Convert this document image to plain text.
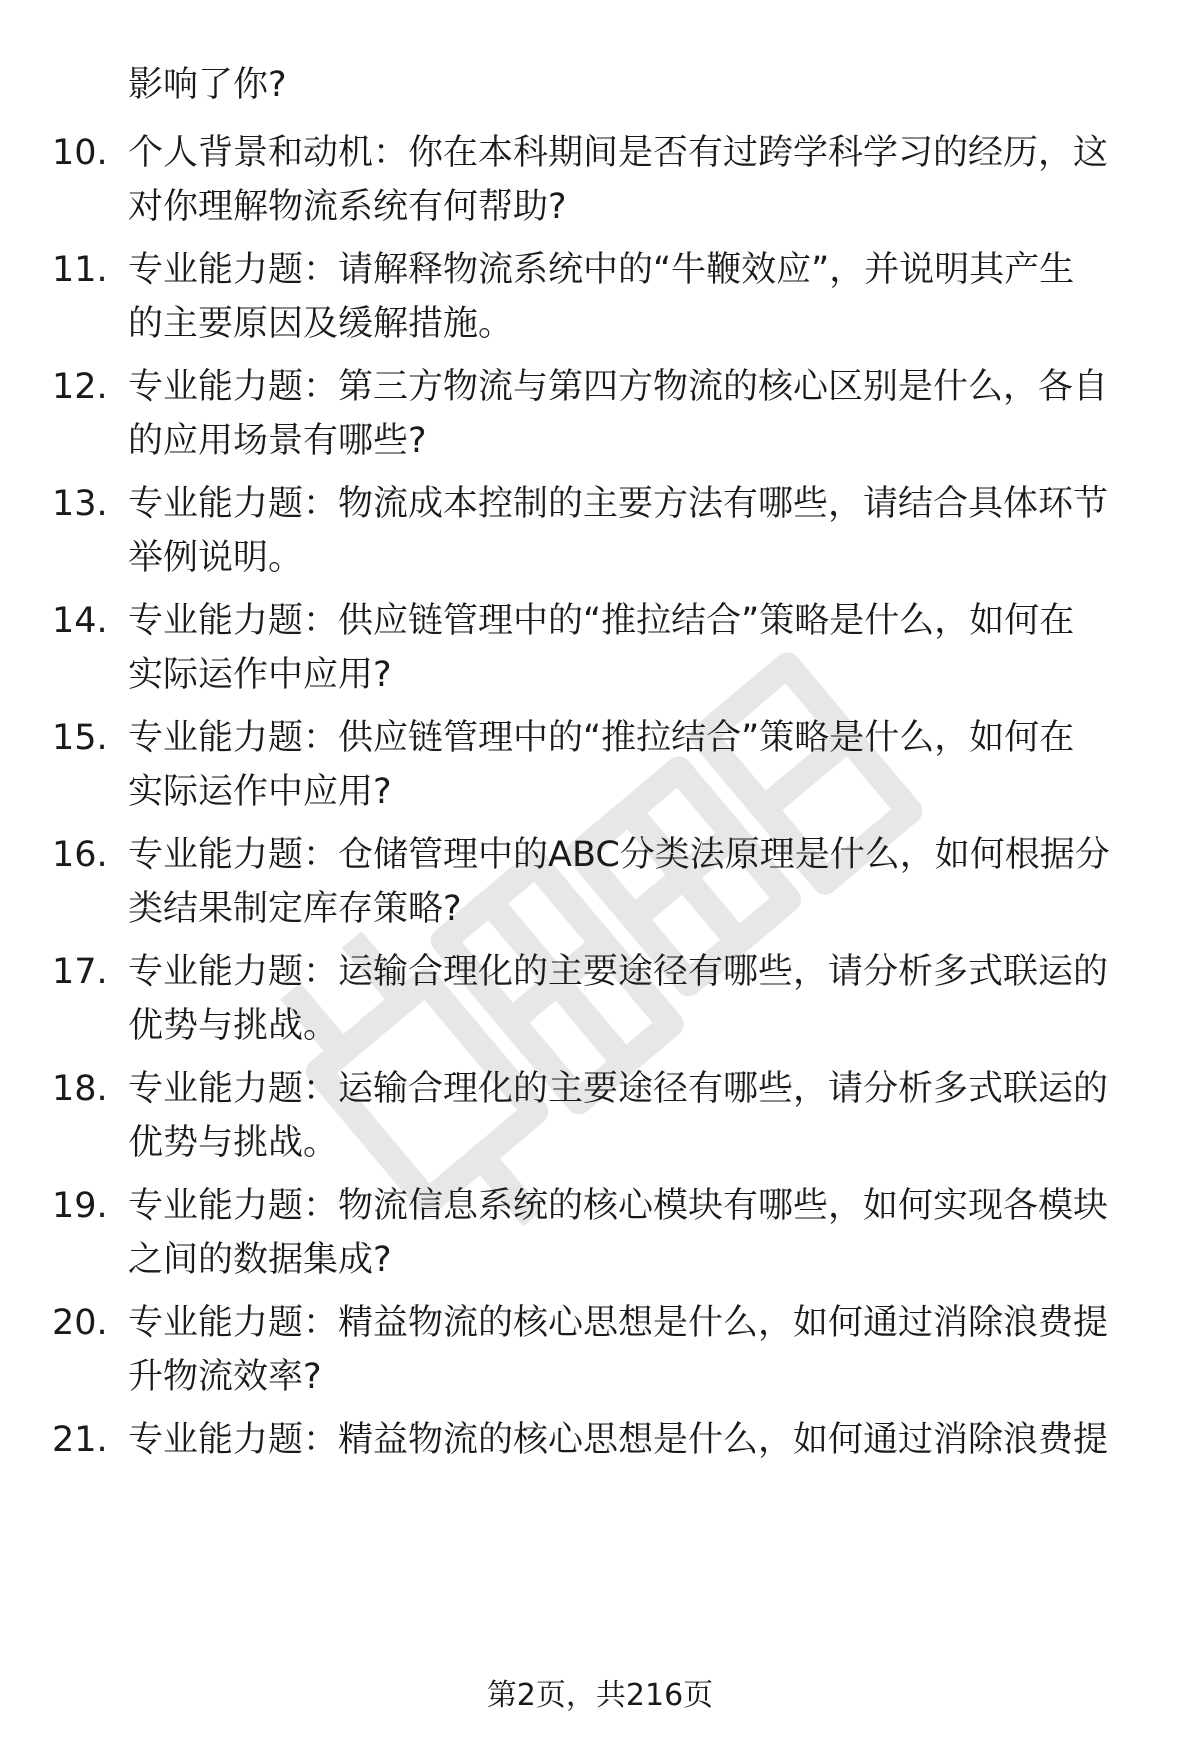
影响了你?
10. 个人背景和动机：你在本科期间是否有过跨学科学习的经历，这
对你理解物流系统有何帮助?
11. 专业能力题：请解释物流系统中的“牛鞭效应”，并说明其产生
的主要原因及缓解措施。
12. 专业能力题：第三方物流与第四方物流的核心区别是什么，各自
的应用场景有哪些?
13. 专业能力题：物流成本控制的主要方法有哪些，请结合具体环节
举例说明。
14. 专业能力题：供应链管理中的“推拉结合”策略是什么，如何在
实际运作中应用?
15. 专业能力题：供应链管理中的“推拉结合”策略是什么，如何在
实际运作中应用?
16. 专业能力题：仓储管理中的ABC分类法原理是什么，如何根据分
类结果制定库存策略?
17. 专业能力题：运输合理化的主要途径有哪些，请分析多式联运的
优势与挑战。
18. 专业能力题：运输合理化的主要途径有哪些，请分析多式联运的
优势与挑战。
19. 专业能力题：物流信息系统的核心模块有哪些，如何实现各模块
之间的数据集成?
20. 专业能力题：精益物流的核心思想是什么，如何通过消除浪费提
升物流效率?
21. 专业能力题：精益物流的核心思想是什么，如何通过消除浪费提
第2页，共216页
